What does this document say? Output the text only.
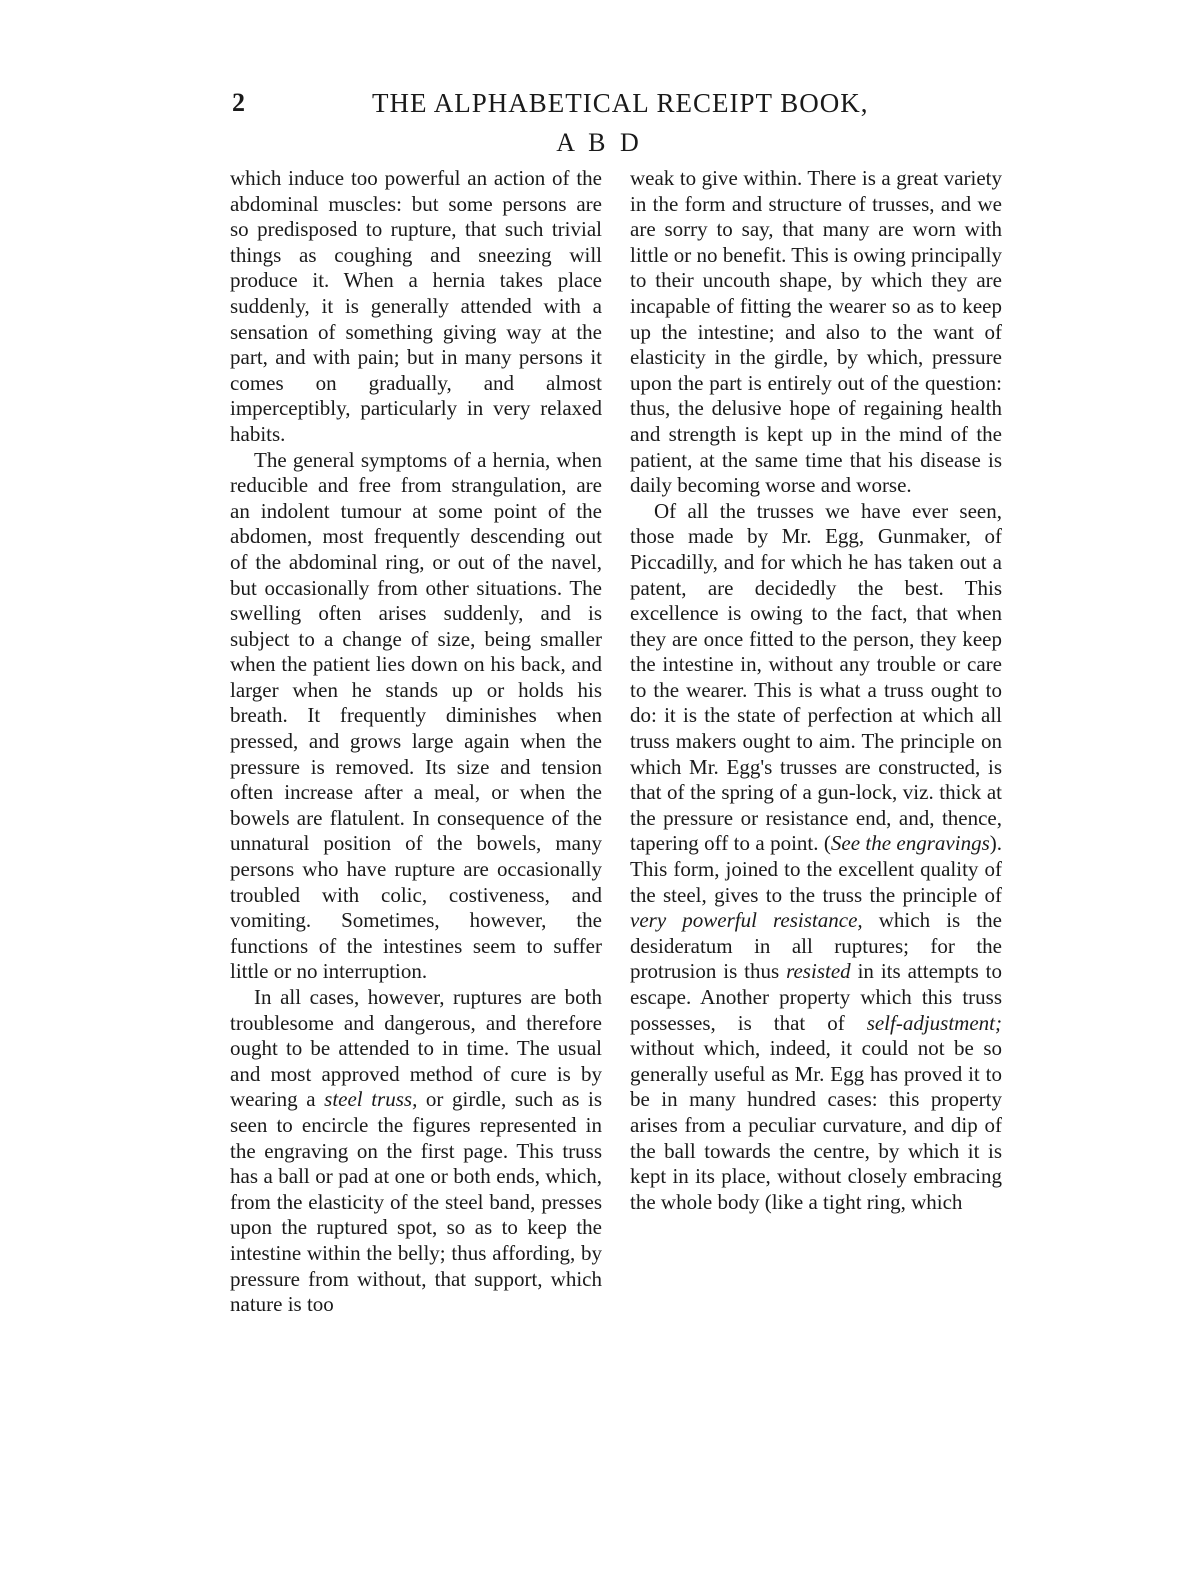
2	THE ALPHABETICAL RECEIPT BOOK,
A B D

which induce too powerful an action of the abdominal muscles: but some persons are so predisposed to rupture, that such trivial things as coughing and sneezing will produce it. When a hernia takes place suddenly, it is generally attended with a sensation of something giving way at the part, and with pain; but in many persons it comes on gradually, and almost imperceptibly, particularly in very relaxed habits.

The general symptoms of a hernia, when reducible and free from strangulation, are an indolent tumour at some point of the abdomen, most frequently descending out of the abdominal ring, or out of the navel, but occasionally from other situations. The swelling often arises suddenly, and is subject to a change of size, being smaller when the patient lies down on his back, and larger when he stands up or holds his breath. It frequently diminishes when pressed, and grows large again when the pressure is removed. Its size and tension often increase after a meal, or when the bowels are flatulent. In consequence of the unnatural position of the bowels, many persons who have rupture are occasionally troubled with colic, costiveness, and vomiting. Sometimes, however, the functions of the intestines seem to suffer little or no interruption.

In all cases, however, ruptures are both troublesome and dangerous, and therefore ought to be attended to in time. The usual and most approved method of cure is by wearing a steel truss, or girdle, such as is seen to encircle the figures represented in the engraving on the first page. This truss has a ball or pad at one or both ends, which, from the elasticity of the steel band, presses upon the ruptured spot, so as to keep the intestine within the belly; thus affording, by pressure from without, that support, which nature is too

weak to give within. There is a great variety in the form and structure of trusses, and we are sorry to say, that many are worn with little or no benefit. This is owing principally to their uncouth shape, by which they are incapable of fitting the wearer so as to keep up the intestine; and also to the want of elasticity in the girdle, by which, pressure upon the part is entirely out of the question: thus, the delusive hope of regaining health and strength is kept up in the mind of the patient, at the same time that his disease is daily becoming worse and worse.

Of all the trusses we have ever seen, those made by Mr. Egg, Gunmaker, of Piccadilly, and for which he has taken out a patent, are decidedly the best. This excellence is owing to the fact, that when they are once fitted to the person, they keep the intestine in, without any trouble or care to the wearer. This is what a truss ought to do: it is the state of perfection at which all truss makers ought to aim. The principle on which Mr. Egg's trusses are constructed, is that of the spring of a gun-lock, viz. thick at the pressure or resistance end, and, thence, tapering off to a point. (See the engravings). This form, joined to the excellent quality of the steel, gives to the truss the principle of very powerful resistance, which is the desideratum in all ruptures; for the protrusion is thus resisted in its attempts to escape. Another property which this truss possesses, is that of self-adjustment; without which, indeed, it could not be so generally useful as Mr. Egg has proved it to be in many hundred cases: this property arises from a peculiar curvature, and dip of the ball towards the centre, by which it is kept in its place, without closely embracing the whole body (like a tight ring, which
